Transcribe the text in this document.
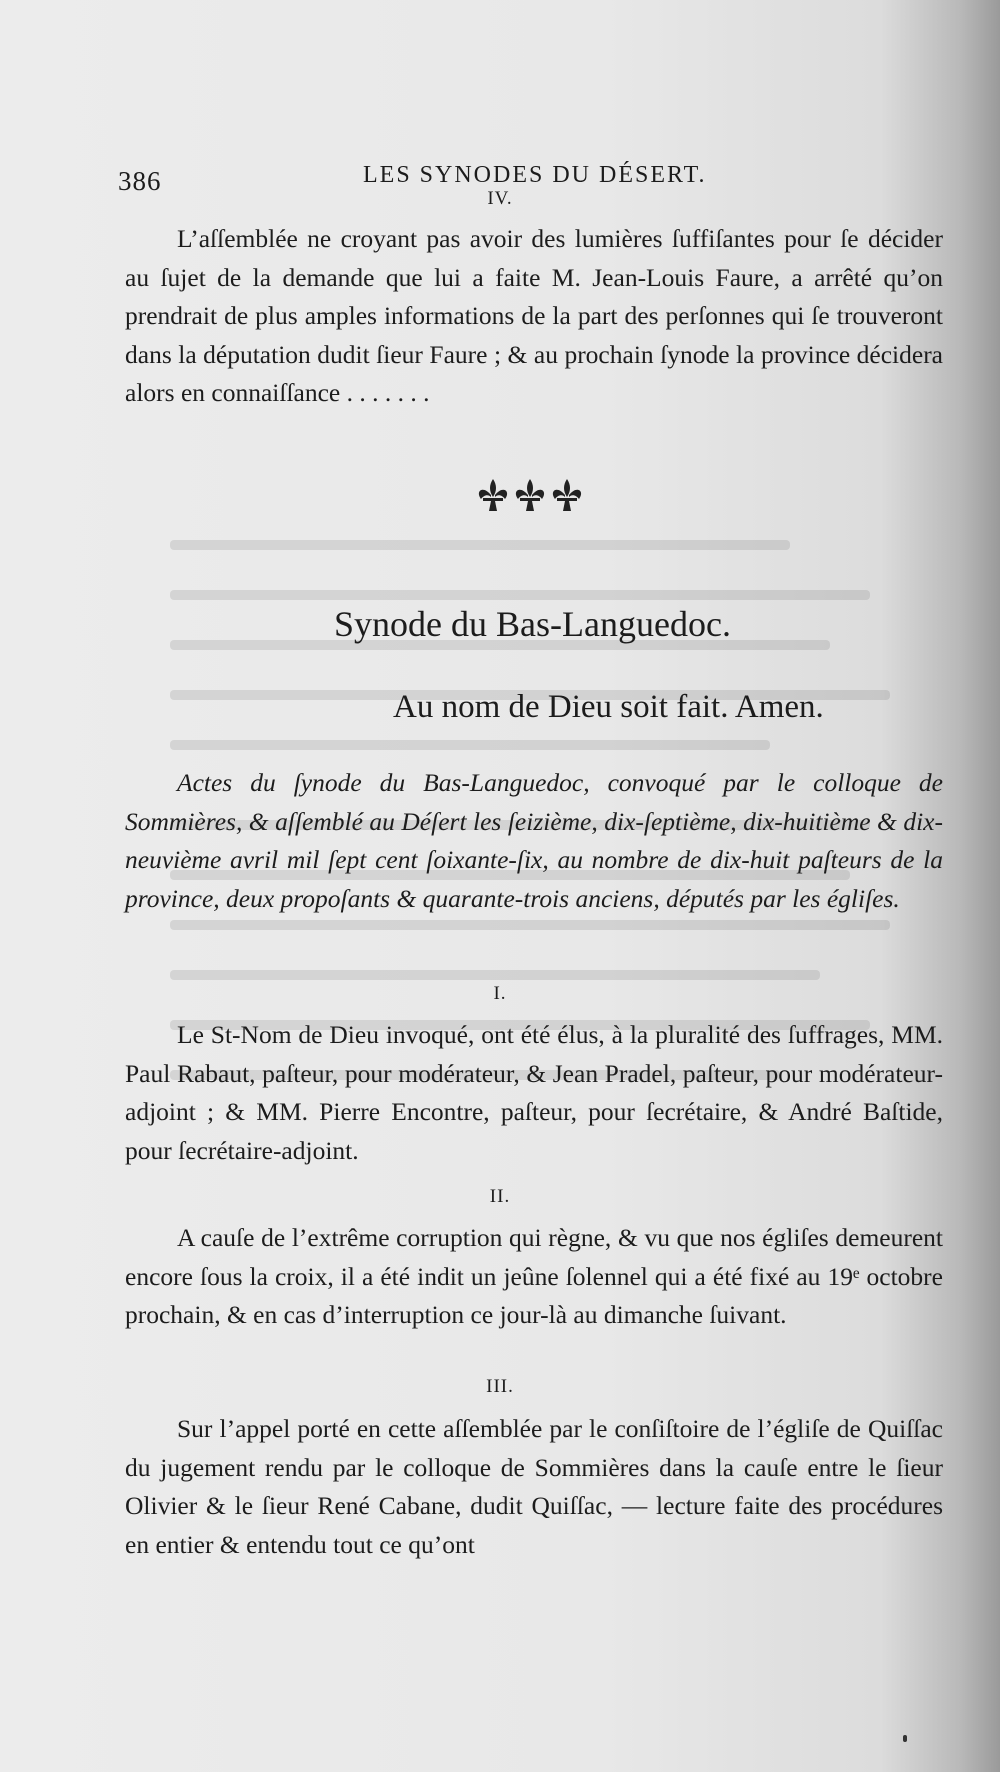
386	LES SYNODES DU DÉSERT.
IV.

L’aſſemblée ne croyant pas avoir des lumières ſuffiſantes pour ſe décider au ſujet de la demande que lui a faite M. Jean-Louis Faure, a arrêté qu’on prendrait de plus amples informations de la part des perſonnes qui ſe trouveront dans la députation dudit ſieur Faure ; & au prochain ſynode la province décidera alors en connaiſſance . . . . . . .

Synode du Bas-Languedoc.
Au nom de Dieu soit fait. Amen.

Actes du ſynode du Bas-Languedoc, convoqué par le colloque de Sommières, & aſſemblé au Déſert les ſeizième, dix-ſeptième, dix-huitième & dix-neuvième avril mil ſept cent ſoixante-ſix, au nombre de dix-huit paſteurs de la province, deux propoſants & quarante-trois anciens, députés par les égliſes.

I.

Le St-Nom de Dieu invoqué, ont été élus, à la pluralité des ſuffrages, MM. Paul Rabaut, paſteur, pour modérateur, & Jean Pradel, paſteur, pour modérateur-adjoint ; & MM. Pierre Encontre, paſteur, pour ſecrétaire, & André Baſtide, pour ſecrétaire-adjoint.

II.

A cauſe de l’extrême corruption qui règne, & vu que nos égliſes demeurent encore ſous la croix, il a été indit un jeûne ſolennel qui a été fixé au 19ᵉ octobre prochain, & en cas d’interruption ce jour-là au dimanche ſuivant.

III.

Sur l’appel porté en cette aſſemblée par le conſiſtoire de l’égliſe de Quiſſac du jugement rendu par le colloque de Sommières dans la cauſe entre le ſieur Olivier & le ſieur René Cabane, dudit Quiſſac, — lecture faite des procédures en entier & entendu tout ce qu’ont
